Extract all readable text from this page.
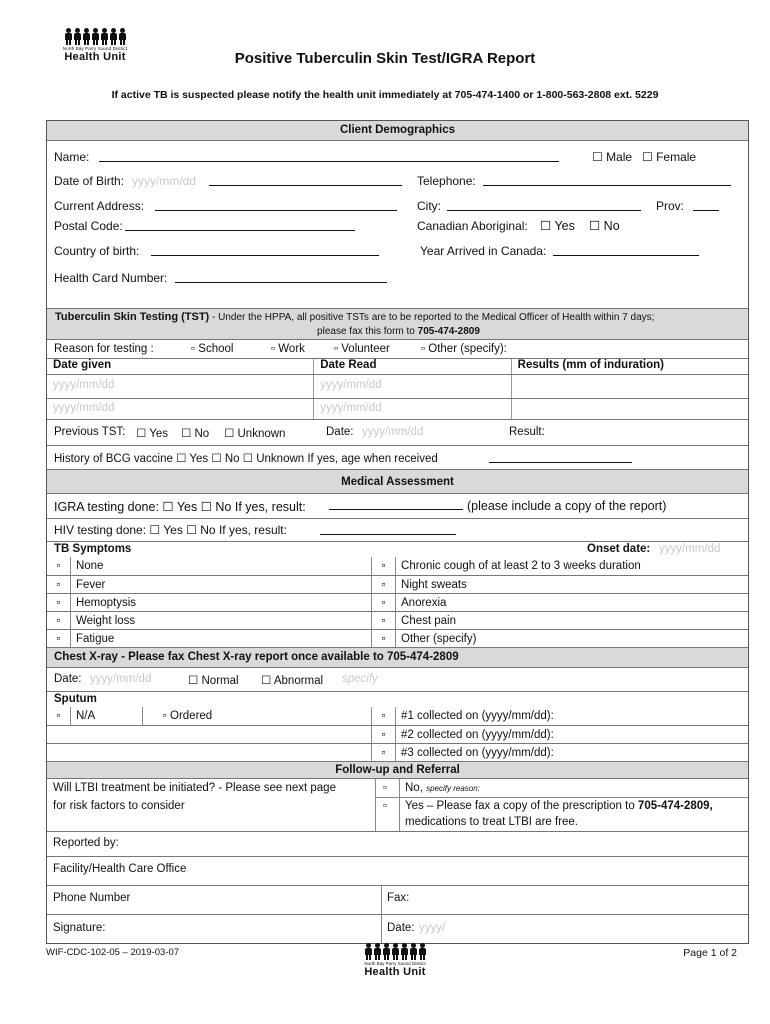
North Bay Parry Sound District
Health Unit	Positive Tuberculin Skin Test/IGRA Report
If active TB is suspected please notify the health unit immediately at 705-474-1400 or 1-800-563-2808 ext. 5229
Client Demographics
Name:	☐ Male ☐ Female
Date of Birth: yyyy/mm/dd	Telephone:
Current Address:	City:	Prov:
Postal Code:	Canadian Aboriginal: ☐ Yes ☐ No
Country of birth:	Year Arrived in Canada:
Health Card Number:
Tuberculin Skin Testing (TST) - Under the HPPA, all positive TSTs are to be reported to the Medical Officer of Health within 7 days;
please fax this form to 705-474-2809
Reason for testing :	▫ School	▫ Work	▫ Volunteer	▫ Other (specify):
Date given	Date Read	Results (mm of induration)
yyyy/mm/dd	yyyy/mm/dd
yyyy/mm/dd	yyyy/mm/dd
Previous TST: ☐ Yes ☐ No ☐ Unknown	Date: yyyy/mm/dd	Result:
History of BCG vaccine ☐ Yes ☐ No ☐ Unknown If yes, age when received
Medical Assessment
IGRA testing done: ☐ Yes ☐ No If yes, result:	(please include a copy of the report)
HIV testing done: ☐ Yes ☐ No If yes, result:
TB Symptoms	Onset date: yyyy/mm/dd
▫	None	▫	Chronic cough of at least 2 to 3 weeks duration
▫	Fever	▫	Night sweats
▫	Hemoptysis	▫	Anorexia
▫	Weight loss	▫	Chest pain
▫	Fatigue	▫	Other (specify)
Chest X-ray - Please fax Chest X-ray report once available to 705-474-2809
Date: yyyy/mm/dd	☐ Normal ☐ Abnormal specify
Sputum
▫	N/A	▫ Ordered	▫	#1 collected on (yyyy/mm/dd):
▫	#2 collected on (yyyy/mm/dd):
▫	#3 collected on (yyyy/mm/dd):
Follow-up and Referral
Will LTBI treatment be initiated? - Please see next page
for risk factors to consider
▫ No, specify reason:
▫ Yes – Please fax a copy of the prescription to 705-474-2809,
medications to treat LTBI are free.
Reported by:
Facility/Health Care Office
Phone Number	Fax:
Signature:	Date: yyyy/
WIF-CDC-102-05 – 2019-03-07
North Bay Parry Sound District
Health Unit
Page 1 of 2
